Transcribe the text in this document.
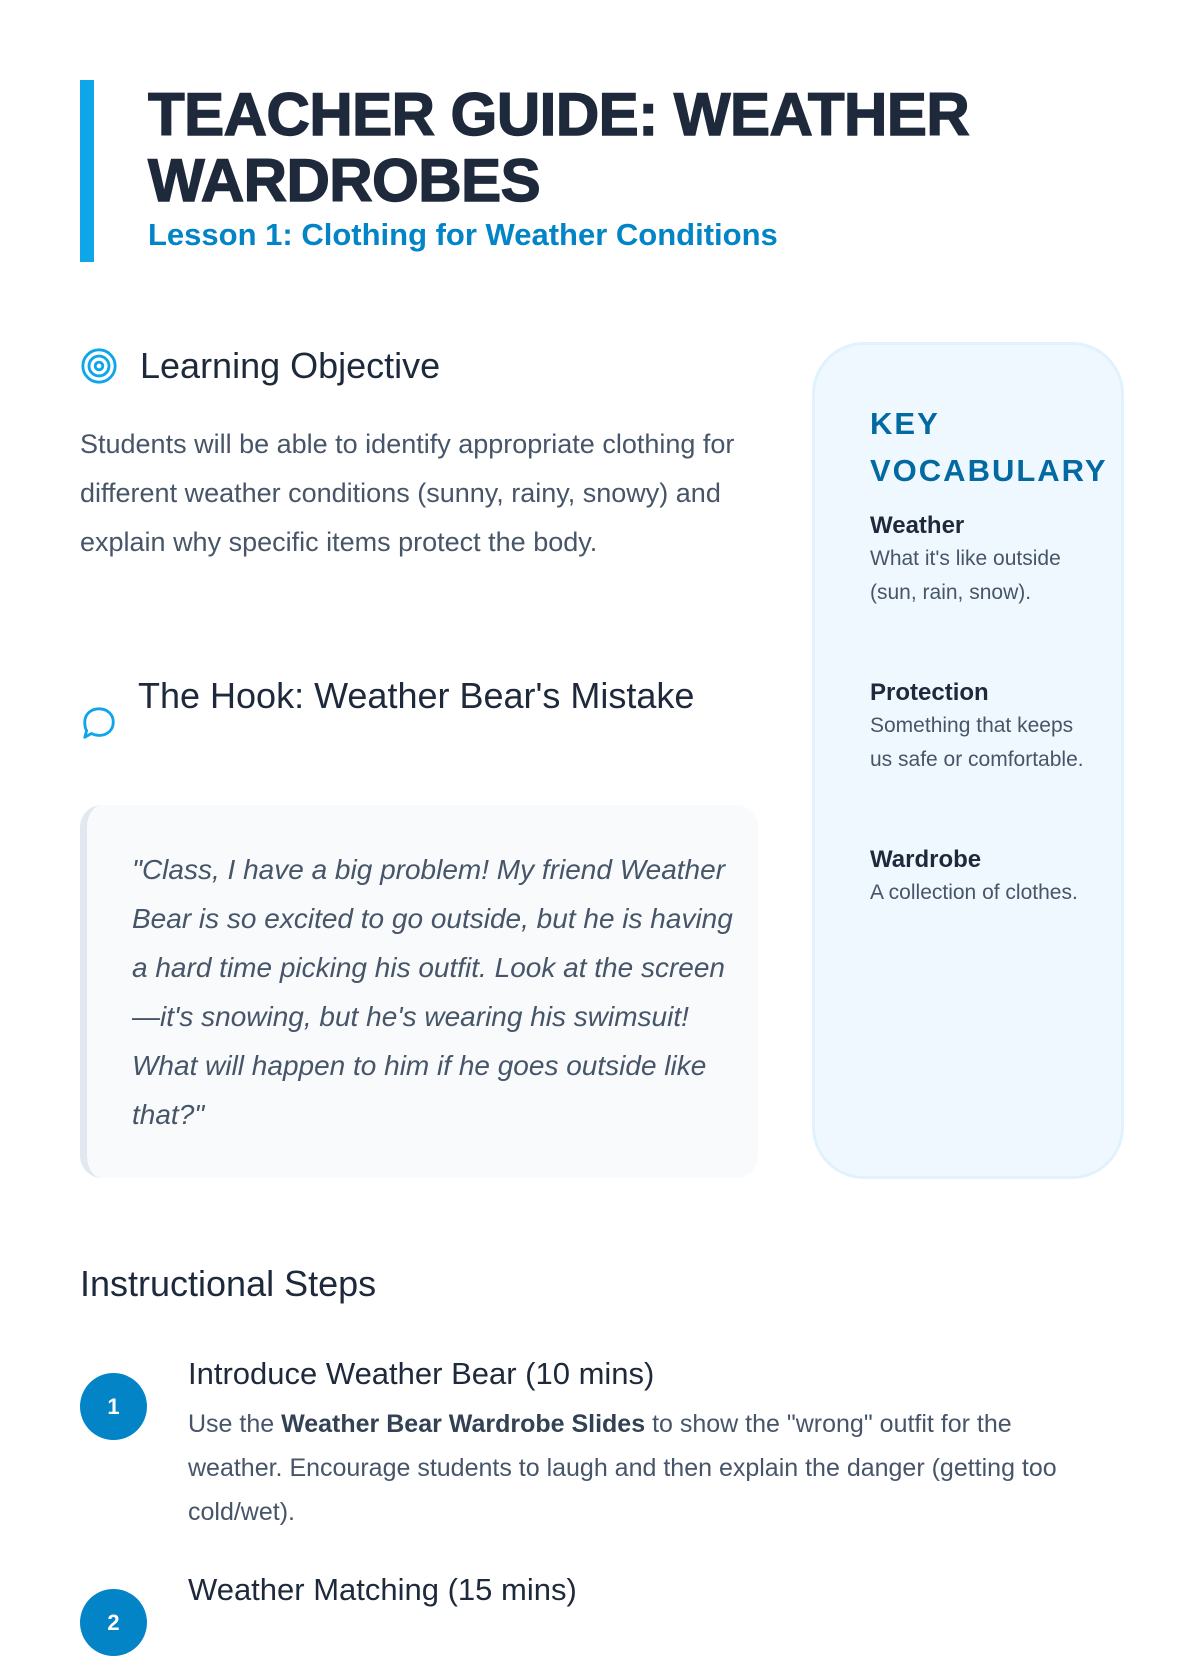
TEACHER GUIDE: WEATHER WARDROBES
Lesson 1: Clothing for Weather Conditions
Learning Objective

Students will be able to identify appropriate clothing for different weather conditions (sunny, rainy, snowy) and explain why specific items protect the body.

The Hook: Weather Bear's Mistake

"Class, I have a big problem! My friend Weather Bear is so excited to go outside, but he is having a hard time picking his outfit. Look at the screen—it's snowing, but he's wearing his swimsuit! What will happen to him if he goes outside like that?"

KEY VOCABULARY
Weather
What it's like outside (sun, rain, snow).
Protection
Something that keeps us safe or comfortable.
Wardrobe
A collection of clothes.
Instructional Steps
1
Introduce Weather Bear (10 mins)

Use the Weather Bear Wardrobe Slides to show the "wrong" outfit for the weather. Encourage students to laugh and then explain the danger (getting too cold/wet).

2
Weather Matching (15 mins)
